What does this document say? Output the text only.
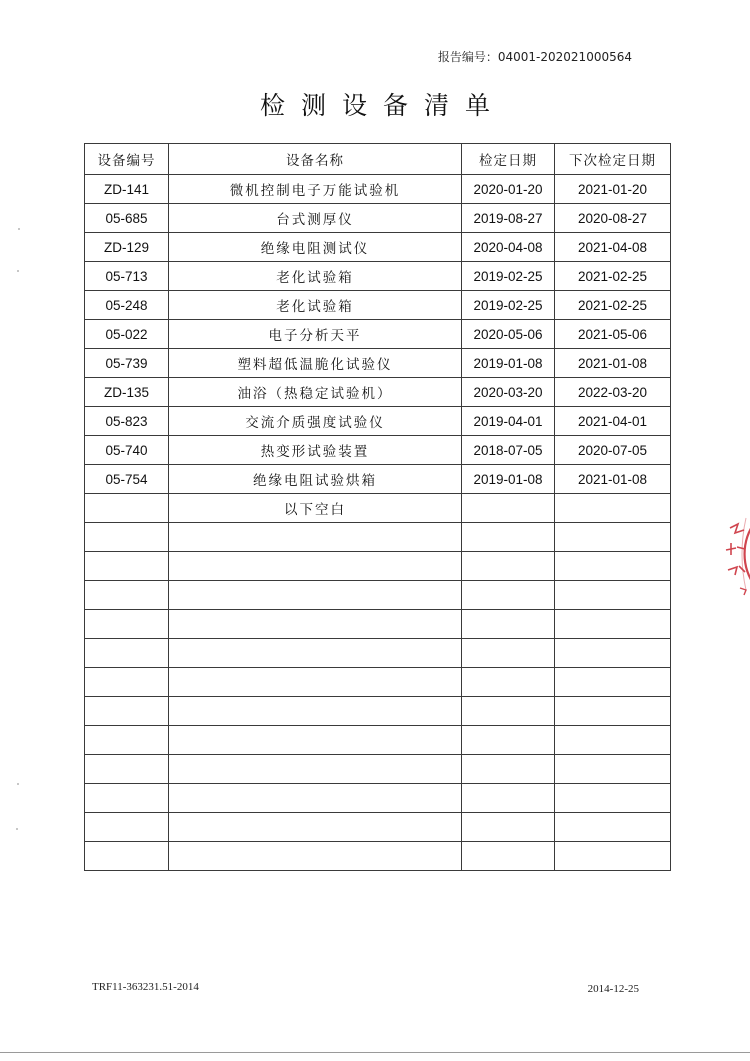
报告编号：04001-202021000564
检测设备清单
设备编号	设备名称	检定日期	下次检定日期
ZD-141	微机控制电子万能试验机	2020-01-20	2021-01-20
05-685	台式测厚仪	2019-08-27	2020-08-27
ZD-129	绝缘电阻测试仪	2020-04-08	2021-04-08
05-713	老化试验箱	2019-02-25	2021-02-25
05-248	老化试验箱	2019-02-25	2021-02-25
05-022	电子分析天平	2020-05-06	2021-05-06
05-739	塑料超低温脆化试验仪	2019-01-08	2021-01-08
ZD-135	油浴（热稳定试验机）	2020-03-20	2022-03-20
05-823	交流介质强度试验仪	2019-04-01	2021-04-01
05-740	热变形试验装置	2018-07-05	2020-07-05
05-754	绝缘电阻试验烘箱	2019-01-08	2021-01-08
	以下空白		

TRF11-363231.51-2014	2014-12-25
